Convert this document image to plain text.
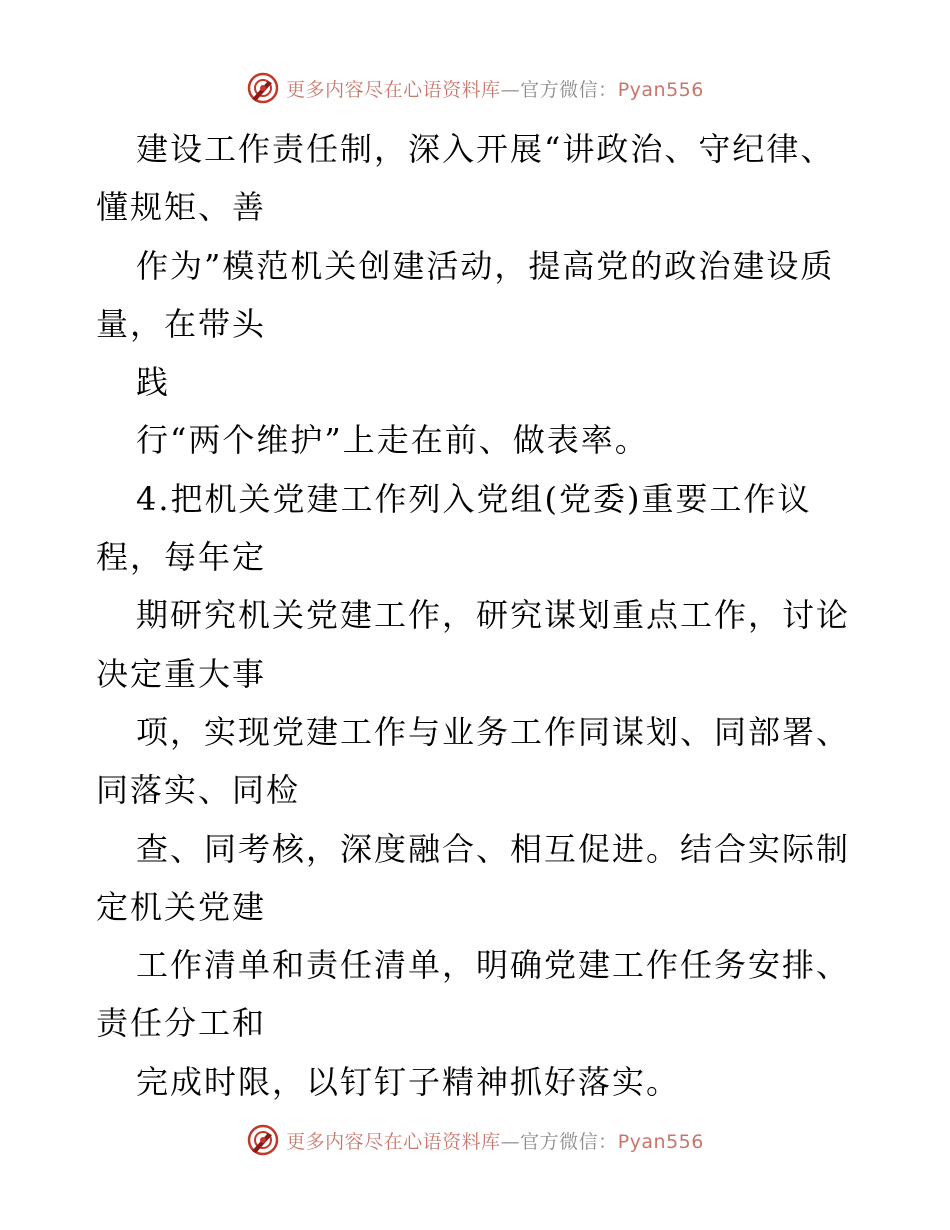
更多内容尽在心语资料库—官方微信：Pyan556
建设工作责任制，深入开展“讲政治、守纪律、
懂规矩、善
作为”模范机关创建活动，提高党的政治建设质
量，在带头
践
行“两个维护”上走在前、做表率。
4.把机关党建工作列入党组(党委)重要工作议
程，每年定
期研究机关党建工作，研究谋划重点工作，讨论
决定重大事
项，实现党建工作与业务工作同谋划、同部署、
同落实、同检
查、同考核，深度融合、相互促进。结合实际制
定机关党建
工作清单和责任清单，明确党建工作任务安排、
责任分工和
完成时限，以钉钉子精神抓好落实。
更多内容尽在心语资料库—官方微信：Pyan556
